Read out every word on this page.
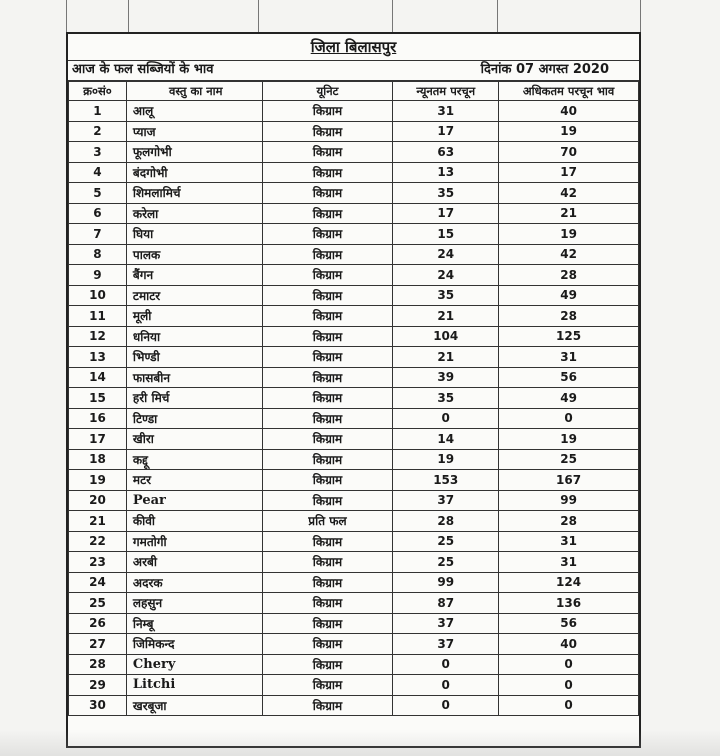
जिला बिलासपुर
आज के फल सब्जियों के भाव	दिनांक 07 अगस्त 2020
क्र०सं०	वस्तु का नाम	यूनिट	न्यूनतम परचून	अधिकतम परचून भाव
1	आलू	किग्राम	31	40
2	प्याज	किग्राम	17	19
3	फूलगोभी	किग्राम	63	70
4	बंदगोभी	किग्राम	13	17
5	शिमलामिर्च	किग्राम	35	42
6	करेला	किग्राम	17	21
7	घिया	किग्राम	15	19
8	पालक	किग्राम	24	42
9	बैंगन	किग्राम	24	28
10	टमाटर	किग्राम	35	49
11	मूली	किग्राम	21	28
12	धनिया	किग्राम	104	125
13	भिण्डी	किग्राम	21	31
14	फासबीन	किग्राम	39	56
15	हरी मिर्च	किग्राम	35	49
16	टिण्डा	किग्राम	0	0
17	खीरा	किग्राम	14	19
18	कद्दू	किग्राम	19	25
19	मटर	किग्राम	153	167
20	Pear	किग्राम	37	99
21	कीवी	प्रति फल	28	28
22	गमतोगी	किग्राम	25	31
23	अरबी	किग्राम	25	31
24	अदरक	किग्राम	99	124
25	लहसुन	किग्राम	87	136
26	निम्बू	किग्राम	37	56
27	जिमिकन्द	किग्राम	37	40
28	Chery	किग्राम	0	0
29	Litchi	किग्राम	0	0
30	खरबूजा	किग्राम	0	0
